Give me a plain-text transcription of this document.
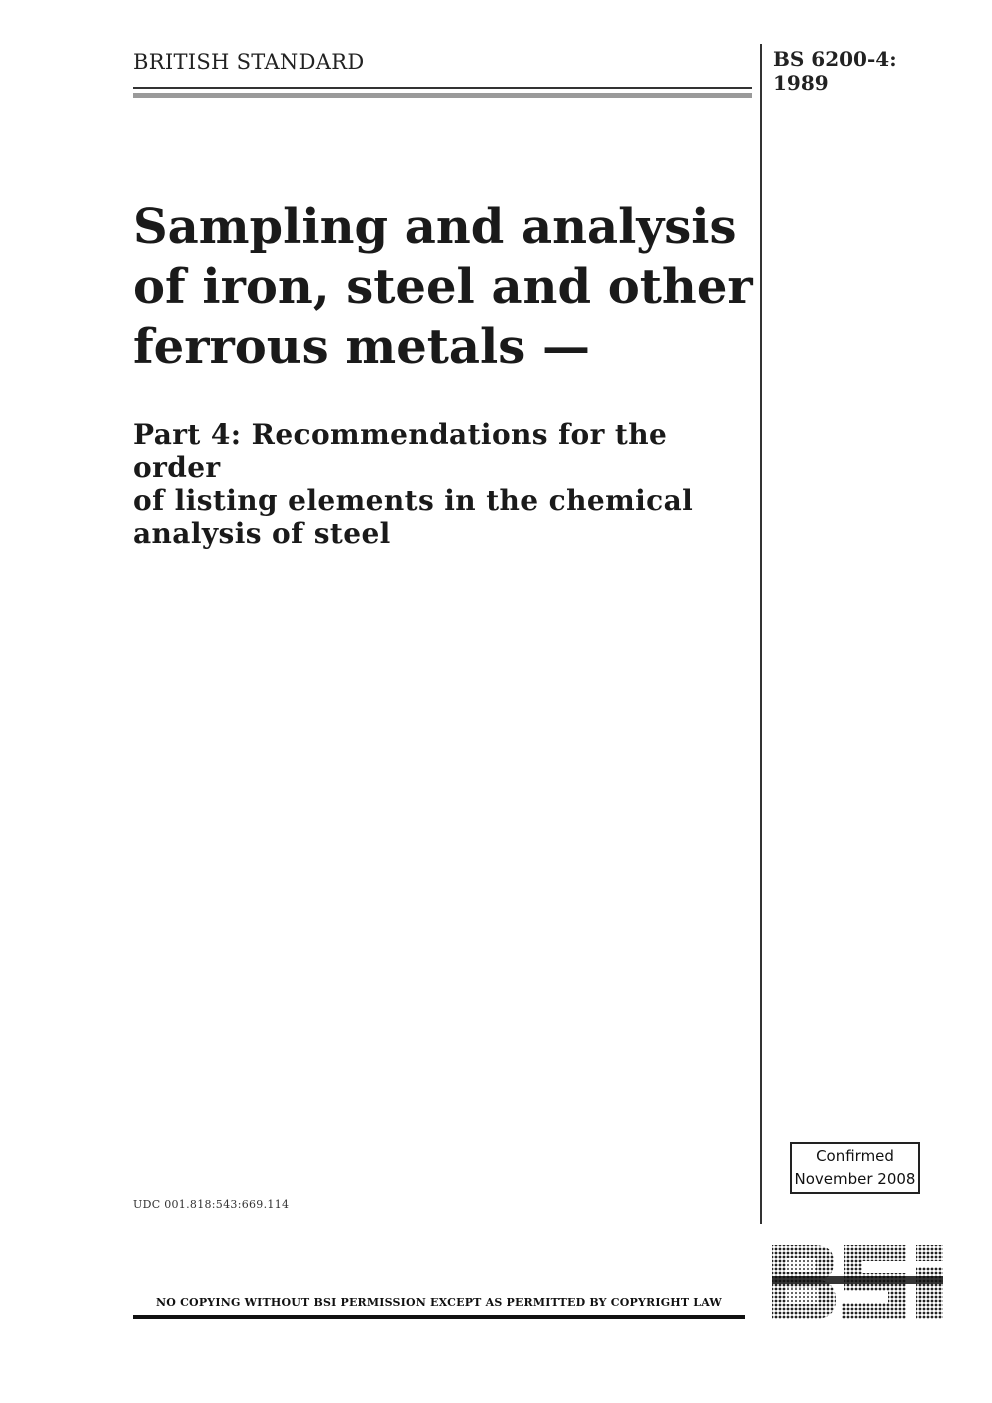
BRITISH STANDARD	BS 6200-4:
1989
Sampling and analysis
of iron, steel and other
ferrous metals —
Part 4: Recommendations for the order
of listing elements in the chemical
analysis of steel
Confirmed
November 2008
UDC 001.818:543:669.114
NO COPYING WITHOUT BSI PERMISSION EXCEPT AS PERMITTED BY COPYRIGHT LAW
